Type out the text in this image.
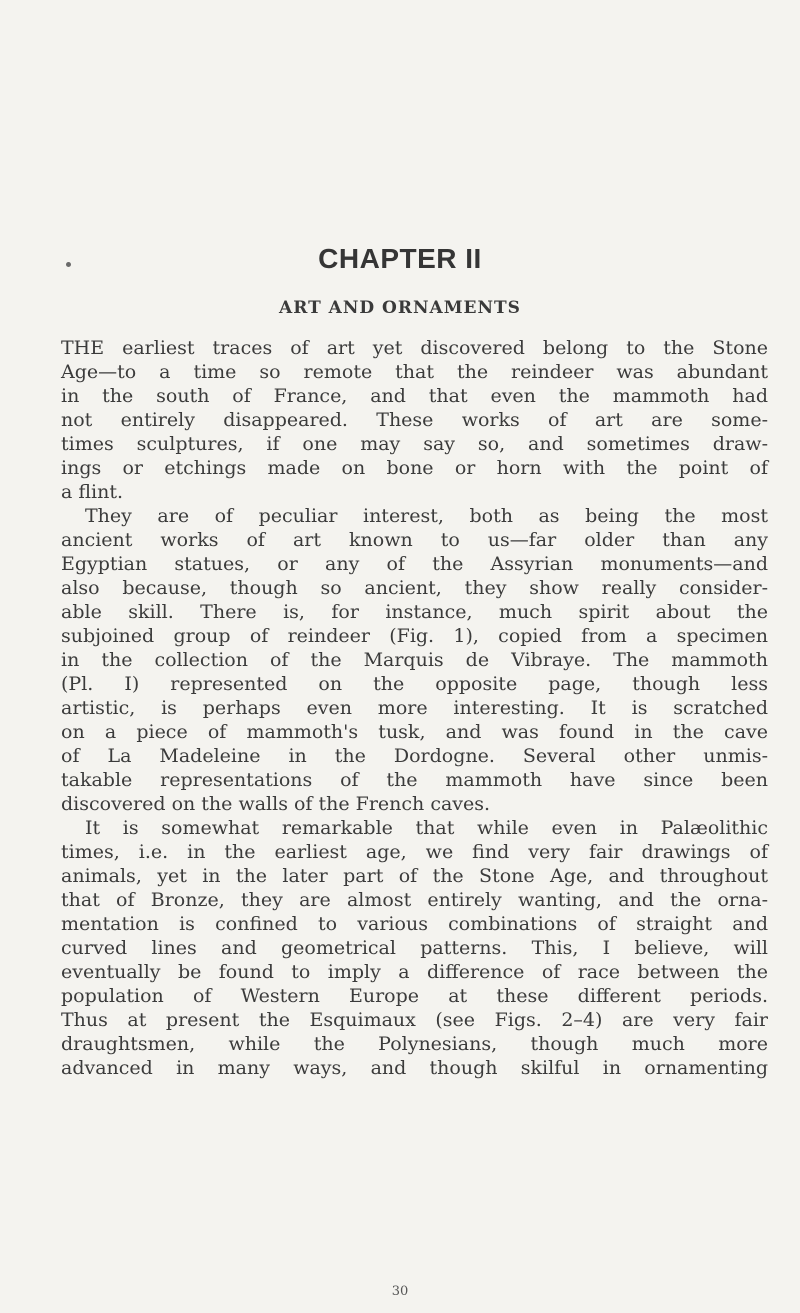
CHAPTER II
ART AND ORNAMENTS
THE earliest traces of art yet discovered belong to the Stone
Age—to a time so remote that the reindeer was abundant
in the south of France, and that even the mammoth had
not entirely disappeared. These works of art are some-
times sculptures, if one may say so, and sometimes draw-
ings or etchings made on bone or horn with the point of
a flint.
They are of peculiar interest, both as being the most
ancient works of art known to us—far older than any
Egyptian statues, or any of the Assyrian monuments—and
also because, though so ancient, they show really consider-
able skill. There is, for instance, much spirit about the
subjoined group of reindeer (Fig. 1), copied from a specimen
in the collection of the Marquis de Vibraye. The mammoth
(Pl. I) represented on the opposite page, though less
artistic, is perhaps even more interesting. It is scratched
on a piece of mammoth's tusk, and was found in the cave
of La Madeleine in the Dordogne. Several other unmis-
takable representations of the mammoth have since been
discovered on the walls of the French caves.
It is somewhat remarkable that while even in Palæolithic
times, i.e. in the earliest age, we find very fair drawings of
animals, yet in the later part of the Stone Age, and throughout
that of Bronze, they are almost entirely wanting, and the orna-
mentation is confined to various combinations of straight and
curved lines and geometrical patterns. This, I believe, will
eventually be found to imply a difference of race between the
population of Western Europe at these different periods.
Thus at present the Esquimaux (see Figs. 2–4) are very fair
draughtsmen, while the Polynesians, though much more
advanced in many ways, and though skilful in ornamenting
30
